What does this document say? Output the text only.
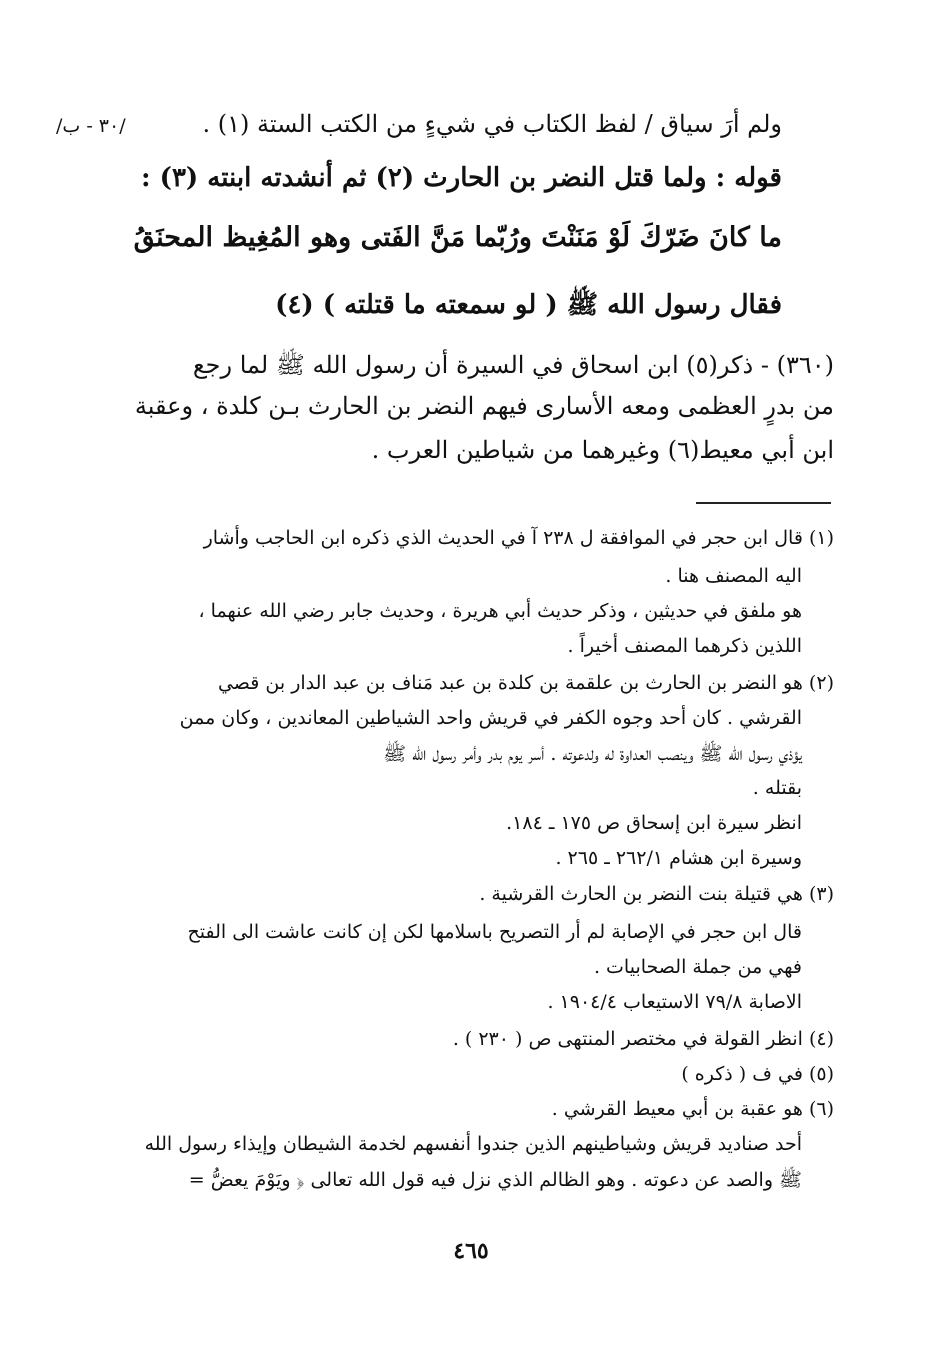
/٣٠ - ب/	ولم أرَ سياق / لفظ الكتاب في شيءٍ من الكتب الستة (١) .
قوله : ولما قتل النضر بن الحارث (٢) ثم أنشدته ابنته (٣) :
ما كانَ ضَرّكَ لَوْ مَنَنْتَ ورُبّما مَنَّ الفَتى وهو المُغِيظ المحنَقُ
فقال رسول الله ﷺ ( لو سمعته ما قتلته ) (٤)
(٣٦٠) - ذكر(٥) ابن اسحاق في السيرة أن رسول الله ﷺ لما رجع
من بدرٍ العظمى ومعه الأسارى فيهم النضر بن الحارث بـن كلدة ، وعقبة
ابن أبي معيط(٦) وغيرهما من شياطين العرب .
(١) قال ابن حجر في الموافقة ل ٢٣٨ آ في الحديث الذي ذكره ابن الحاجب وأشار
اليه المصنف هنا .
هو ملفق في حديثين ، وذكر حديث أبي هريرة ، وحديث جابر رضي الله عنهما ،
اللذين ذكرهما المصنف أخيراً .
(٢) هو النضر بن الحارث بن علقمة بن كلدة بن عبد مَناف بن عبد الدار بن قصي
القرشي . كان أحد وجوه الكفر في قريش واحد الشياطين المعاندين ، وكان ممن
يؤذي رسول الله ﷺ وينصب العداوة له ولدعوته . أسر يوم بدر وأمر رسول الله ﷺ
بقتله .
انظر سيرة ابن إسحاق ص ١٧٥ ـ ١٨٤.
وسيرة ابن هشام ٢٦٢/١ ـ ٢٦٥ .
(٣) هي قتيلة بنت النضر بن الحارث القرشية .
قال ابن حجر في الإصابة لم أر التصريح باسلامها لكن إن كانت عاشت الى الفتح
فهي من جملة الصحابيات .
الاصابة ٧٩/٨ الاستيعاب ١٩٠٤/٤ .
(٤) انظر القولة في مختصر المنتهى ص ( ٢٣٠ ) .
(٥) في ف ( ذكره )
(٦) هو عقبة بن أبي معيط القرشي .
أحد صناديد قريش وشياطينهم الذين جندوا أنفسهم لخدمة الشيطان وإيذاء رسول الله
ﷺ والصد عن دعوته . وهو الظالم الذي نزل فيه قول الله تعالى ﴿ ويَوْمَ يعضُّ =
٤٦٥
